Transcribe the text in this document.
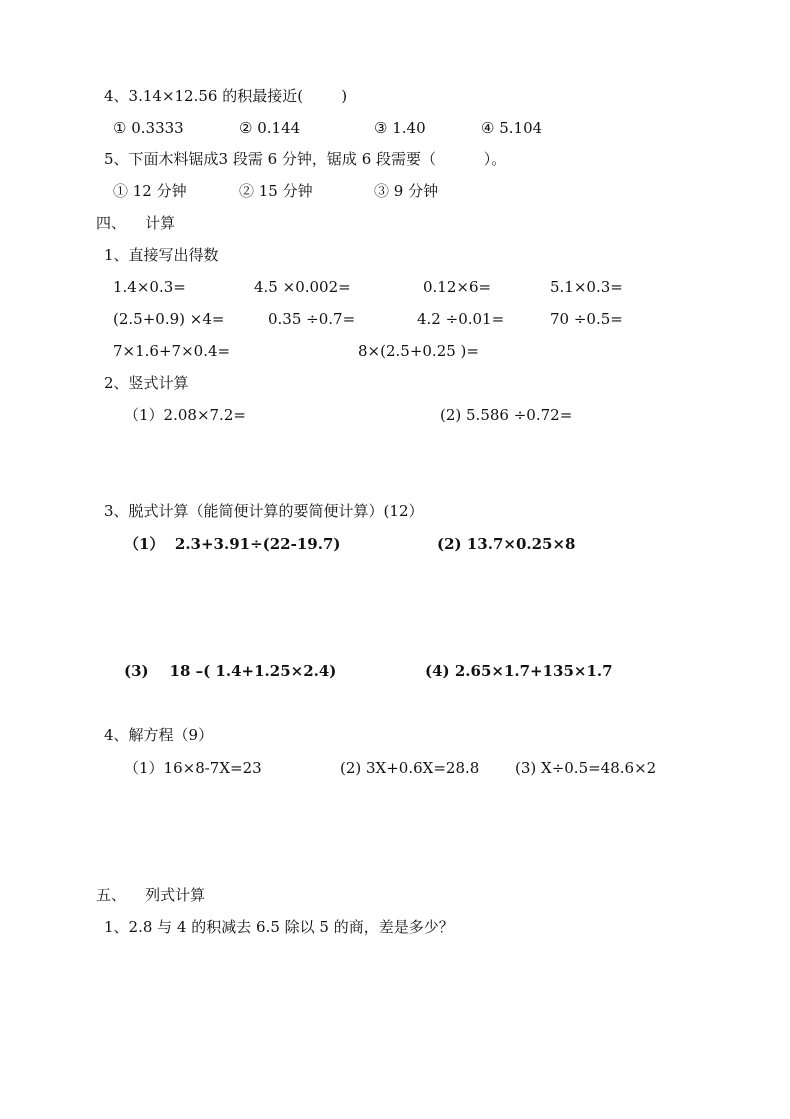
4、3.14×12.56 的积最接近(        )
① 0.3333	② 0.144	③ 1.40	④ 5.104
5、下面木料锯成3 段需 6 分钟，锯成 6 段需要（          ）。
① 12 分钟	② 15 分钟	③ 9 分钟
四、    计算
1、直接写出得数
1.4×0.3=	4.5 ×0.002=	0.12×6=	5.1×0.3=
(2.5+0.9) ×4=	0.35 ÷0.7=	4.2 ÷0.01=	70 ÷0.5=
7×1.6+7×0.4=	8×(2.5+0.25 )=
2、竖式计算
（1）2.08×7.2=	(2) 5.586 ÷0.72=
3、脱式计算（能简便计算的要简便计算）(12）
（1）  2.3+3.91÷(22-19.7)	(2) 13.7×0.25×8
(3)    18 –( 1.4+1.25×2.4)	(4) 2.65×1.7+135×1.7
4、解方程（9）
（1）16×8-7X=23	(2) 3X+0.6X=28.8 (3) X÷0.5=48.6×2
五、    列式计算
1、2.8 与 4 的积减去 6.5 除以 5 的商，差是多少？
